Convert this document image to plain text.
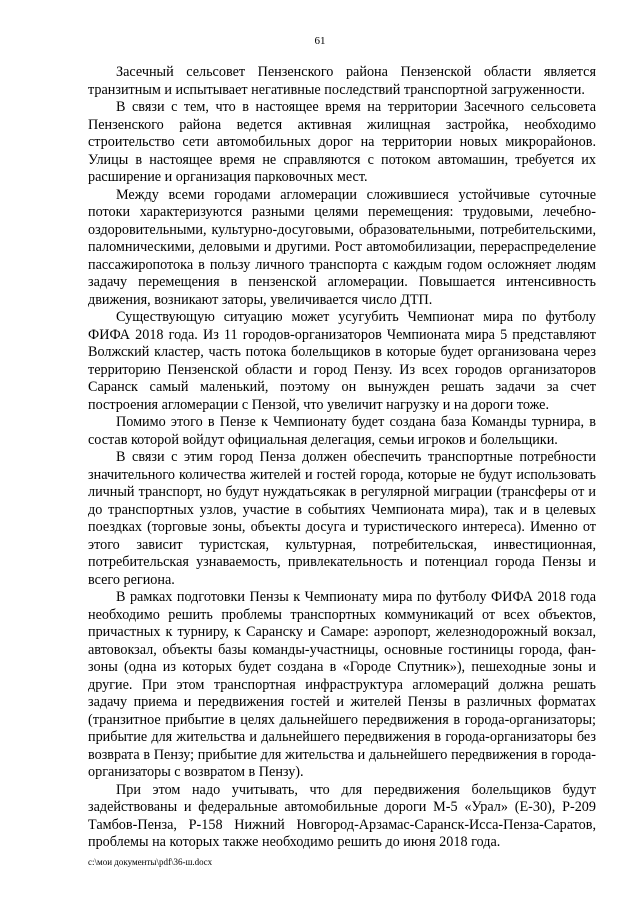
61

Засечный сельсовет Пензенского района Пензенской области является транзитным и испытывает негативные последствий транспортной загруженности.

В связи с тем, что в настоящее время на территории Засечного сельсовета Пензенского района ведется активная жилищная застройка, необходимо строительство сети автомобильных дорог на территории новых микрорайонов. Улицы в настоящее время не справляются с потоком автомашин, требуется их расширение и организация парковочных мест.

Между всеми городами агломерации сложившиеся устойчивые суточные потоки характеризуются разными целями перемещения: трудовыми, лечебно-оздоровительными, культурно-досуговыми, образовательными, потребительскими, паломническими, деловыми и другими. Рост автомобилизации, перераспределение пассажиропотока в пользу личного транспорта с каждым годом осложняет людям задачу перемещения в пензенской агломерации. Повышается интенсивность движения, возникают заторы, увеличивается число ДТП.

Существующую ситуацию может усугубить Чемпионат мира по футболу ФИФА 2018 года. Из 11 городов-организаторов Чемпионата мира 5 представляют Волжский кластер, часть потока болельщиков в которые будет организована через территорию Пензенской области и город Пензу. Из всех городов организаторов Саранск самый маленький, поэтому он вынужден решать задачи за счет построения агломерации с Пензой, что увеличит нагрузку и на дороги тоже.

Помимо этого в Пензе к Чемпионату будет создана база Команды турнира, в состав которой войдут официальная делегация, семьи игроков и болельщики.

В связи с этим город Пенза должен обеспечить транспортные потребности значительного количества жителей и гостей города, которые не будут использовать личный транспорт, но будут нуждатьсякак в регулярной миграции (трансферы от и до транспортных узлов, участие в событиях Чемпионата мира), так и в целевых поездках (торговые зоны, объекты досуга и туристического интереса). Именно от этого зависит туристская, культурная, потребительская, инвестиционная, потребительская узнаваемость, привлекательность и потенциал города Пензы и всего региона.

В рамках подготовки Пензы к Чемпионату мира по футболу ФИФА 2018 года необходимо решить проблемы транспортных коммуникаций от всех объектов, причастных к турниру, к Саранску и Самаре: аэропорт, железнодорожный вокзал, автовокзал, объекты базы команды-участницы, основные гостиницы города, фан-зоны (одна из которых будет создана в «Городе Спутник»), пешеходные зоны и другие. При этом транспортная инфраструктура агломераций должна решать задачу приема и передвижения гостей и жителей Пензы в различных форматах (транзитное прибытие в целях дальнейшего передвижения в города-организаторы; прибытие для жительства и дальнейшего передвижения в города-организаторы без возврата в Пензу; прибытие для жительства и дальнейшего передвижения в города-организаторы с возвратом в Пензу).

При этом надо учитывать, что для передвижения болельщиков будут задействованы и федеральные автомобильные дороги М-5 «Урал» (Е-30), Р-209 Тамбов-Пенза, Р-158 Нижний Новгород-Арзамас-Саранск-Исса-Пенза-Саратов, проблемы на которых также необходимо решить до июня 2018 года.

c:\мои документы\pdf\36-ш.docx
